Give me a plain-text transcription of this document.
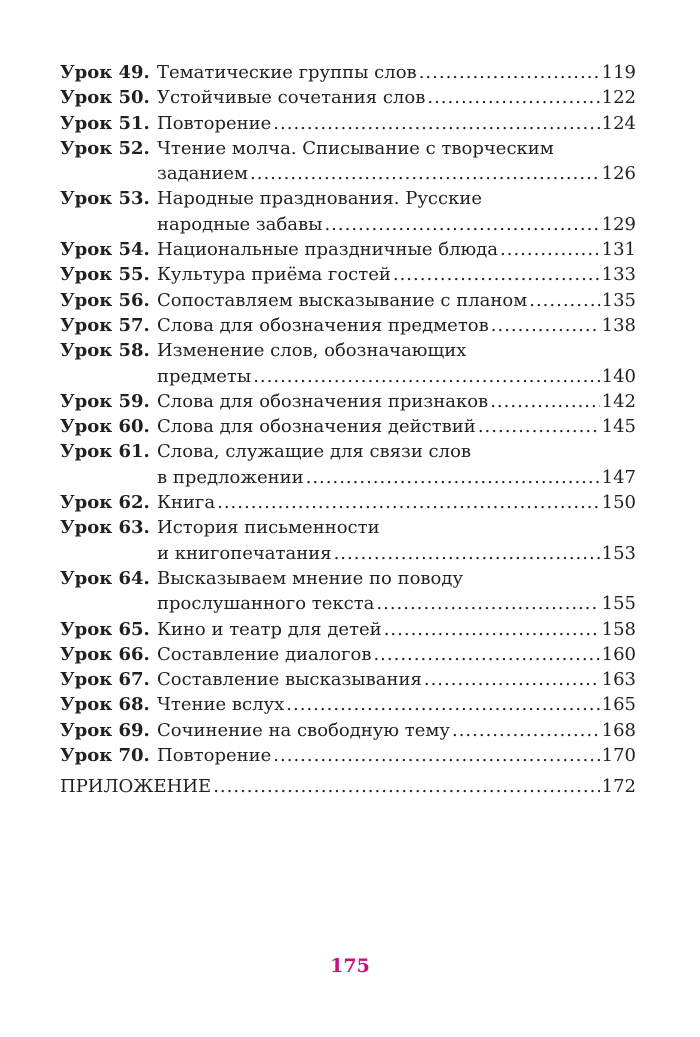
Урок 49. Тематические группы слов .....	119
Урок 50. Устойчивые сочетания слов .....	122
Урок 51. Повторение .....	124
Урок 52. Чтение молча. Списывание с творческим
заданием .....	126
Урок 53. Народные празднования. Русские
народные забавы .....	129
Урок 54. Национальные праздничные блюда .....	131
Урок 55. Культура приёма гостей .....	133
Урок 56. Сопоставляем высказывание с планом .....	135
Урок 57. Слова для обозначения предметов .....	138
Урок 58. Изменение слов, обозначающих
предметы .....	140
Урок 59. Слова для обозначения признаков .....	142
Урок 60. Слова для обозначения действий .....	145
Урок 61. Слова, служащие для связи слов
в предложении .....	147
Урок 62. Книга .....	150
Урок 63. История письменности
и книгопечатания .....	153
Урок 64. Высказываем мнение по поводу
прослушанного текста .....	155
Урок 65. Кино и театр для детей .....	158
Урок 66. Составление диалогов .....	160
Урок 67. Составление высказывания .....	163
Урок 68. Чтение вслух .....	165
Урок 69. Сочинение на свободную тему .....	168
Урок 70. Повторение .....	170
ПРИЛОЖЕНИЕ .....	172
175
